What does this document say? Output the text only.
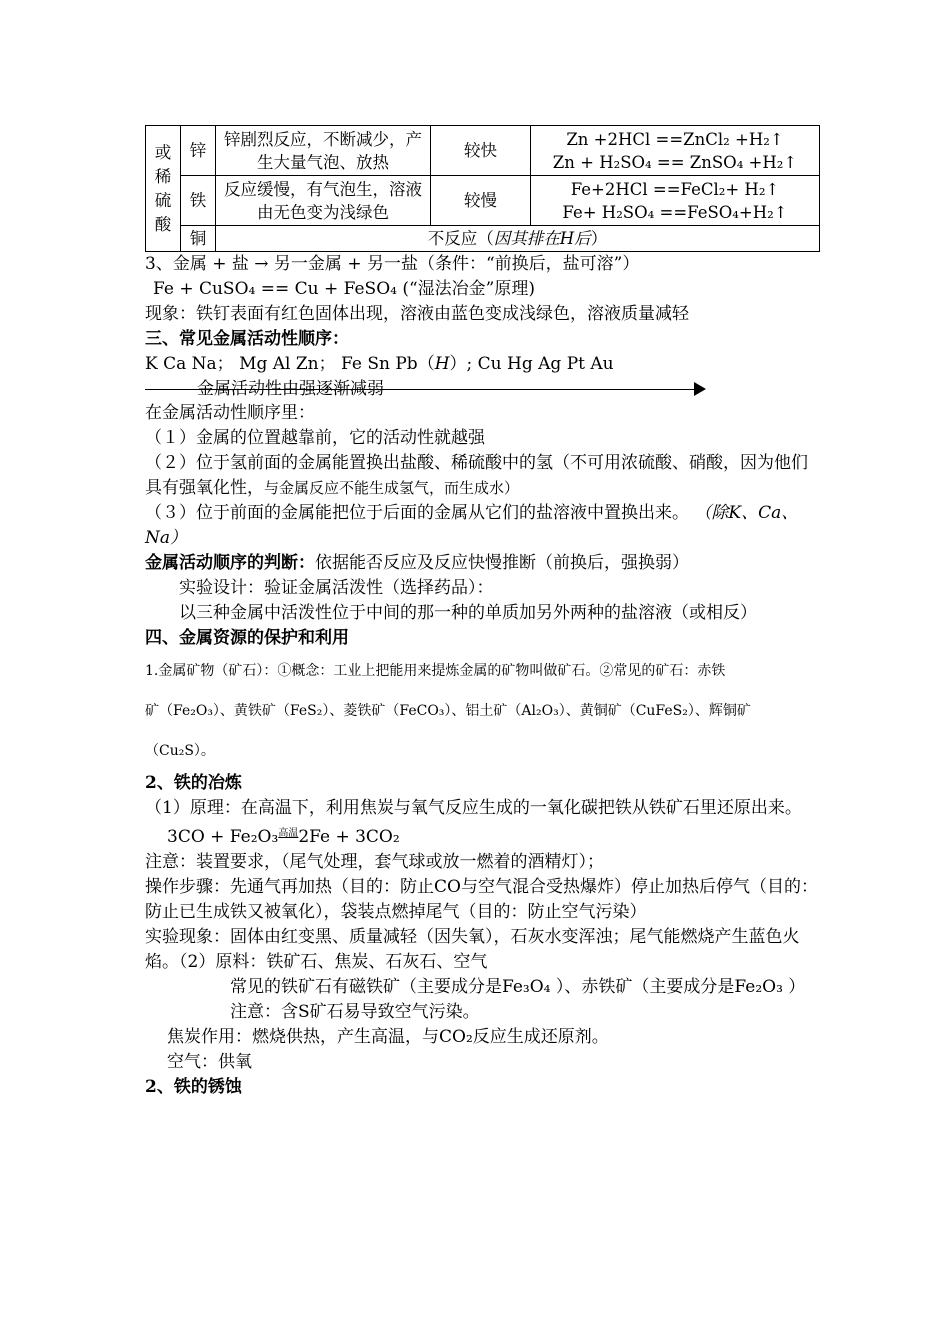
或稀硫酸	锌	锌剧烈反应，不断减少，产生大量气泡、放热	较快	Zn +2HCl ==ZnCl₂ +H₂↑
Zn + H₂SO₄ == ZnSO₄ +H₂↑

	铁	反应缓慢，有气泡生，溶液由无色变为浅绿色	较慢	Fe+2HCl ==FeCl₂+ H₂↑
Fe+ H₂SO₄ ==FeSO₄+H₂↑

	铜	不反应（因其排在H后）		

3、金属 + 盐 → 另一金属 + 另一盐（条件：“前换后，盐可溶”）

Fe + CuSO₄ == Cu + FeSO₄ (“湿法冶金”原理)

现象：铁钉表面有红色固体出现，溶液由蓝色变成浅绿色，溶液质量减轻

三、常见金属活动性顺序：

K Ca Na； Mg Al Zn； Fe Sn Pb（H）; Cu Hg Ag Pt Au

金属活动性由强逐渐减弱

在金属活动性顺序里：

（１）金属的位置越靠前，它的活动性就越强

（２）位于氢前面的金属能置换出盐酸、稀硫酸中的氢（不可用浓硫酸、硝酸，因为他们具有强氧化性，与金属反应不能生成氢气，而生成水）

（３）位于前面的金属能把位于后面的金属从它们的盐溶液中置换出来。 （除K、Ca、Na）

金属活动顺序的判断：依据能否反应及反应快慢推断（前换后，强换弱）

实验设计：验证金属活泼性（选择药品）：

以三种金属中活泼性位于中间的那一种的单质加另外两种的盐溶液（或相反）

四、金属资源的保护和利用

1.金属矿物（矿石）：①概念：工业上把能用来提炼金属的矿物叫做矿石。②常见的矿石：赤铁

矿（Fe₂O₃）、黄铁矿（FeS₂）、菱铁矿（FeCO₃）、铝土矿（Al₂O₃）、黄铜矿（CuFeS₂）、辉铜矿

（Cu₂S）。

2、铁的冶炼

（1）原理：在高温下，利用焦炭与氧气反应生成的一氧化碳把铁从铁矿石里还原出来。

3CO + Fe₂O₃高温2Fe + 3CO₂

注意：装置要求，（尾气处理，套气球或放一燃着的酒精灯）；

操作步骤：先通气再加热（目的：防止CO与空气混合受热爆炸）停止加热后停气（目的：防止已生成铁又被氧化），袋装点燃掉尾气（目的：防止空气污染）

实验现象：固体由红变黑、质量减轻（因失氧），石灰水变浑浊；尾气能燃烧产生蓝色火焰。（2）原料：铁矿石、焦炭、石灰石、空气

常见的铁矿石有磁铁矿（主要成分是Fe₃O₄ ）、赤铁矿（主要成分是Fe₂O₃ ）

注意：含S矿石易导致空气污染。

焦炭作用：燃烧供热，产生高温，与CO₂反应生成还原剂。

空气：供氧

2、铁的锈蚀
